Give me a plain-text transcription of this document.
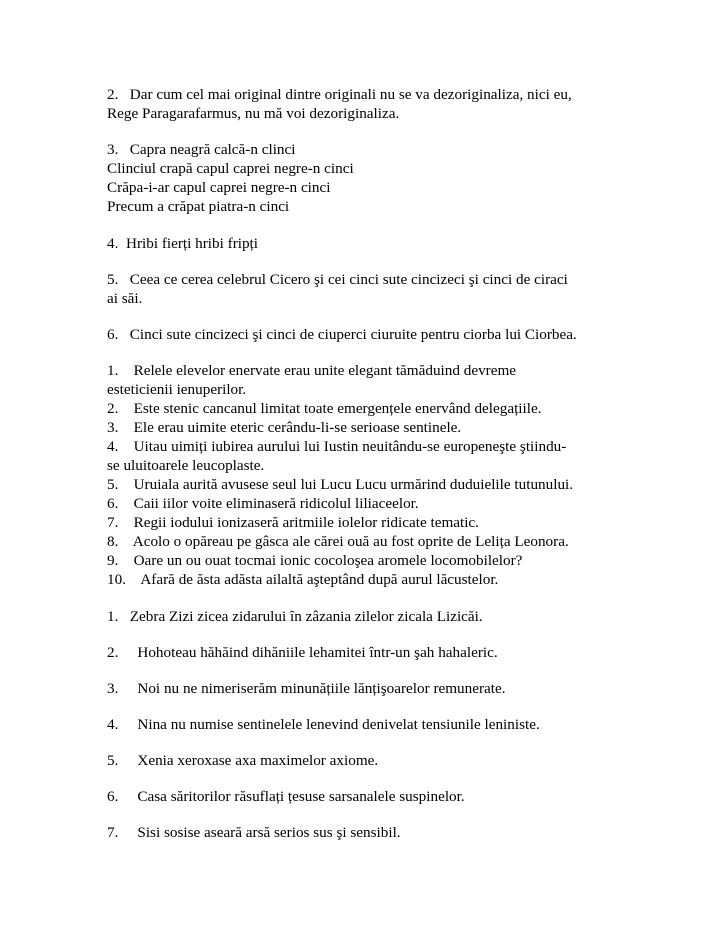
2.   Dar cum cel mai original dintre originali nu se va dezoriginaliza, nici eu,
Rege Paragarafarmus, nu mă voi dezoriginaliza.
3.   Capra neagră calcă-n clinci
Clinciul crapă capul caprei negre-n cinci
Crăpa-i-ar capul caprei negre-n cinci
Precum a crăpat piatra-n cinci
4.  Hribi fierți hribi fripți
5.   Ceea ce cerea celebrul Cicero şi cei cinci sute cincizeci şi cinci de ciraci
ai săi.
6.   Cinci sute cincizeci şi cinci de ciuperci ciuruite pentru ciorba lui Ciorbea.
1.    Relele elevelor enervate erau unite elegant tămăduind devreme
esteticienii ienuperilor.
2.    Este stenic cancanul limitat toate emergențele enervând delegațiile.
3.    Ele erau uimite eteric cerându-li-se serioase sentinele.
4.    Uitau uimiți iubirea aurului lui Iustin neuitându-se europeneşte ştiindu-
se uluitoarele leucoplaste.
5.    Uruiala aurită avusese seul lui Lucu Lucu urmărind duduielile tutunului.
6.    Caii iilor voite eliminaseră ridicolul liliaceelor.
7.    Regii iodului ionizaseră aritmiile iolelor ridicate tematic.
8.    Acolo o opăreau pe gâsca ale cărei ouă au fost oprite de Lelița Leonora.
9.    Oare un ou ouat tocmai ionic cocoloşea aromele locomobilelor?
10.    Afară de ăsta adăsta ailaltă aşteptând după aurul lăcustelor.
1.   Zebra Zizi zicea zidarului în zâzania zilelor zicala Lizicăi.
2.     Hohoteau hăhăind dihăniile lehamitei într-un şah hahaleric.
3.     Noi nu ne nimeriserăm minunățiile lănțişoarelor remunerate.
4.     Nina nu numise sentinelele lenevind denivelat tensiunile leniniste.
5.     Xenia xeroxase axa maximelor axiome.
6.     Casa săritorilor răsuflați țesuse sarsanalele suspinelor.
7.     Sisi sosise aseară arsă serios sus şi sensibil.
